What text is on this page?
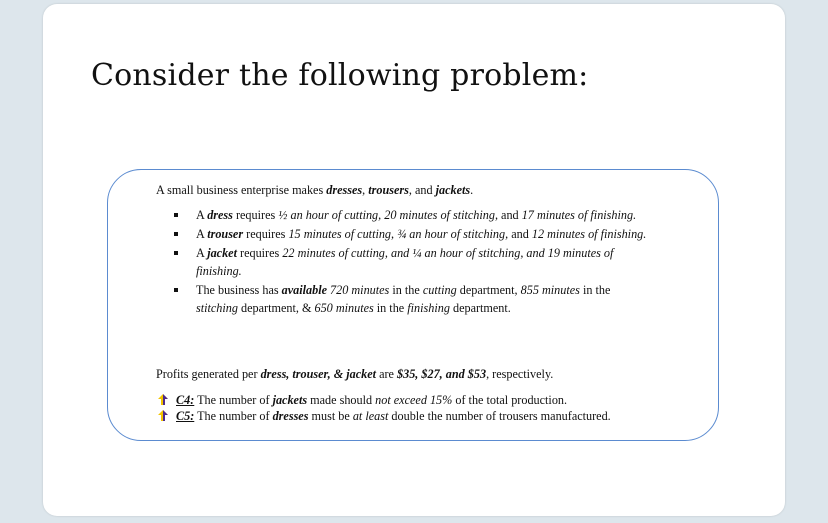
Consider the following problem:
A small business enterprise makes dresses, trousers, and jackets.
A dress requires ½ an hour of cutting, 20 minutes of stitching, and 17 minutes of finishing.
A trouser requires 15 minutes of cutting, ¾ an hour of stitching, and 12 minutes of finishing.
A jacket requires 22 minutes of cutting, and ¼ an hour of stitching, and 19 minutes of finishing.
The business has available 720 minutes in the cutting department, 855 minutes in the stitching department, & 650 minutes in the finishing department.
Profits generated per dress, trouser, & jacket are $35, $27, and $53, respectively.
C4: The number of jackets made should not exceed 15% of the total production.
C5: The number of dresses must be at least double the number of trousers manufactured.
